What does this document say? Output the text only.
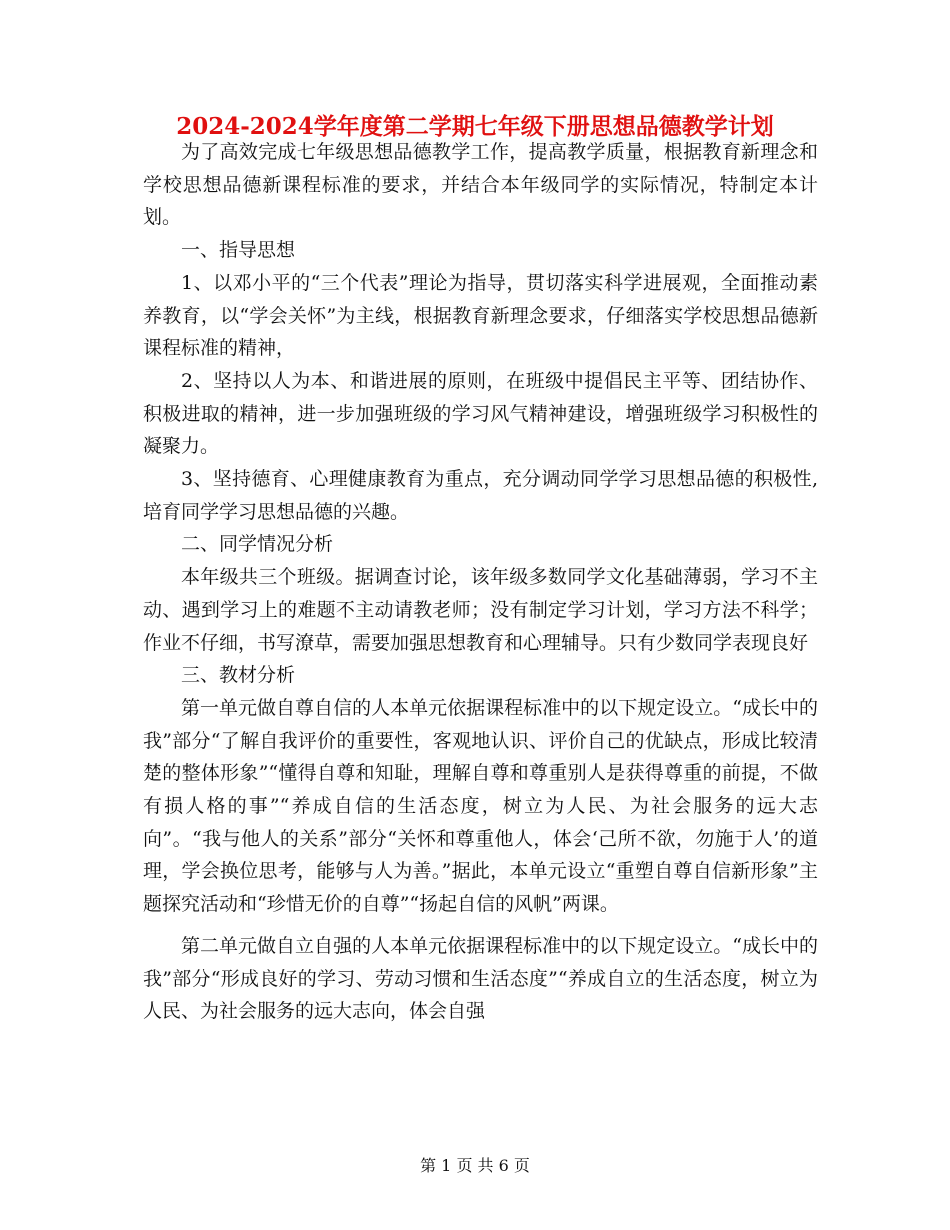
2024-2024学年度第二学期七年级下册思想品德教学计划

为了高效完成七年级思想品德教学工作，提高教学质量，根据教育新理念和学校思想品德新课程标准的要求，并结合本年级同学的实际情况，特制定本计划。

一、指导思想

1、以邓小平的“三个代表”理论为指导，贯切落实科学进展观，全面推动素养教育，以“学会关怀”为主线，根据教育新理念要求，仔细落实学校思想品德新课程标准的精神，

2、坚持以人为本、和谐进展的原则，在班级中提倡民主平等、团结协作、积极进取的精神，进一步加强班级的学习风气精神建设，增强班级学习积极性的凝聚力。

3、坚持德育、心理健康教育为重点，充分调动同学学习思想品德的积极性,培育同学学习思想品德的兴趣。

二、同学情况分析

本年级共三个班级。据调查讨论，该年级多数同学文化基础薄弱，学习不主动、遇到学习上的难题不主动请教老师；没有制定学习计划，学习方法不科学；作业不仔细，书写潦草，需要加强思想教育和心理辅导。只有少数同学表现良好

三、教材分析

第一单元做自尊自信的人本单元依据课程标准中的以下规定设立。“成长中的我”部分“了解自我评价的重要性，客观地认识、评价自己的优缺点，形成比较清楚的整体形象”“懂得自尊和知耻，理解自尊和尊重别人是获得尊重的前提，不做有损人格的事”“养成自信的生活态度，树立为人民、为社会服务的远大志向”。“我与他人的关系”部分“关怀和尊重他人，体会‘己所不欲，勿施于人’的道理，学会换位思考，能够与人为善。”据此，本单元设立“重塑自尊自信新形象”主题探究活动和“珍惜无价的自尊”“扬起自信的风帆”两课。

第二单元做自立自强的人本单元依据课程标准中的以下规定设立。“成长中的我”部分“形成良好的学习、劳动习惯和生活态度”“养成自立的生活态度，树立为人民、为社会服务的远大志向，体会自强

第 1 页 共 6 页
